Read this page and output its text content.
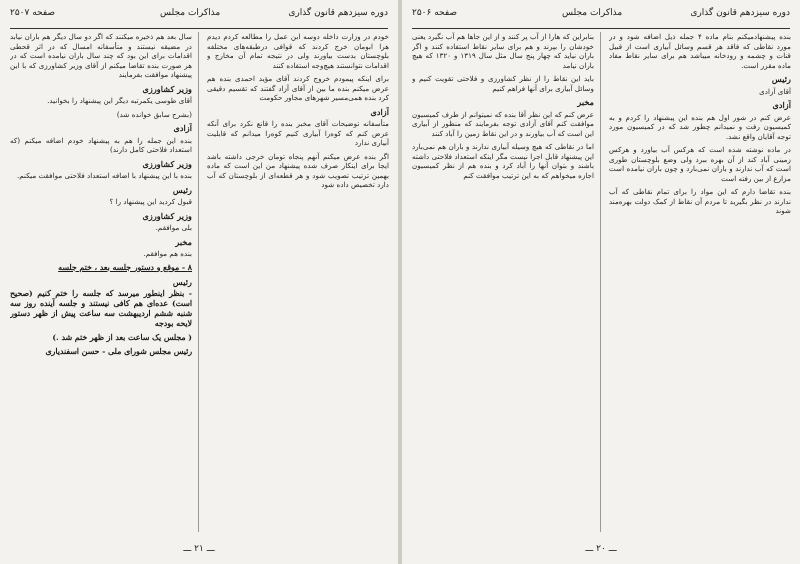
صفحه ۲۵۰۷	مذاکرات مجلس	دوره سیزدهم قانون گذاری

خودم در وزارت داخله دوسه ابن عمل را مطالعه کردم دیدم هرا ابومان خرج کردند که قوافی درطبقه‌های مختلفه بلوچستان بدست بیاورند ولی در نتیجه تمام آن مخارج و اقدامات نتوانستند هیچ‌وجه استفاده کنند

برای اینکه پیمودم خروج کردند آقای مؤید احمدی بنده هم عرض میکنم بنده ما بین از آقای آزاد گفتند که تقسیم دقیقی کرد بنده همی‌مسیر شهرهای مجاور حکومت

آزادی

متأسفانه توضیحات آقای مخبر بنده را قانع نکرد برای آنکه عرض کنم که کوه‌را آبیاری کنیم کوه‌را میدانم که قابلیت آبیاری ندارد

اگر بنده عرض میکنم آنهم پنجاه تومان خرجی داشته باشد ایجا برای اینکار صرف شده پیشنهاد من این است که ماده بهمین ترتیب تصویب شود و هر قطعه‌ای از بلوچستان که آب دارد تخصیص داده شود

سال بعد هم ذخیره میکنند که اگر دو سال دیگر هم باران نیابد در مضیقه نیستند و متأسفانه امسال که در اثر قحطی اقدامات برای این بود که چند سال باران نیامده است که در هر صورت بنده تقاضا میکنم از آقای وزیر کشاورزی که با این پیشنهاد موافقت بفرمایند

وزیر کشاورزی

آقای طوسی یکمرتبه دیگر این پیشنهاد را بخوانید.

(بشرح سابق خوانده شد)

آزادی

بنده این جمله را هم به پیشنهاد خودم اضافه میکنم (که استعداد فلاحتی کامل دارند)

وزیر کشاورزی

بنده با این پیشنهاد با اضافه استعداد فلاحتی موافقت میکنم.

رئیس

قبول کردید این پیشنهاد را ؟

وزیر کشاورزی

بلی موافقم.

مخبر

بنده هم موافقم.

۸ - موقع و دستور جلسه بعد ، ختم جلسه

رئیس

- بنظر اینطور میرسد که جلسه را ختم کنیم (صحیح است) عده‌ای هم کافی نیستند و جلسه آینده روز سه شنبه ششم اردیبهشت سه ساعت پیش از ظهر دستور لایحه بودجه

( مجلس یک ساعت بعد از ظهر ختم شد .)

رئیس مجلس شورای ملی - حسن اسفندیاری

ـــ ۲۱ ـــ
صفحه ۲۵۰۶	مذاکرات مجلس	دوره سیزدهم قانون گذاری

بنده پیشنهادمیکنم بنام ماده ۴ جمله ذیل اضافه شود و در مورد نقاطی که فاقد هر قسم وسائل آبیاری است از قبیل قنات و چشمه و رودخانه میباشد هم برای سایر نقاط مفاد ماده مقرر است.

رئیس

آقای آزادی

آزادی

عرض کنم در شور اول هم بنده این پیشنهاد را کردم و به کمیسیون رفت و نمیدانم چطور شد که در کمیسیون مورد توجه آقایان واقع نشد.

در ماده نوشته شده است که هرکس آب بیاورد و هرکس زمینی آباد کند از آن بهره ببرد ولی وضع بلوچستان طوری است که آب ندارند و باران نمی‌بارد و چون باران نیامده است مزارع از بین رفته است

بنده تقاضا دارم که این مواد را برای تمام نقاطی که آب ندارند در نظر بگیرید تا مردم آن نقاط از کمک دولت بهره‌مند شوند

بنابراین که هارا از آب پر کنند و از این جاها هم آب نگیرد یعنی خودشان را بپرند و هم برای سایر نقاط استفاده کنند و اگر باران نیاید که چهار پنج سال مثل سال ۱۳۱۹ و ۱۳۲۰ که هیچ باران نیامد

باید این نقاط را از نظر کشاورزی و فلاحتی تقویت کنیم و وسائل آبیاری برای آنها فراهم کنیم

مخبر

عرض کنم که این نظر آقا بنده که نمیتوانم از طرف کمیسیون موافقت کنم آقای آزادی توجه بفرمایند که منظور از آبیاری این است که آب بیاورند و در این نقاط زمین را آباد کنند

اما در نقاطی که هیچ وسیله آبیاری ندارند و باران هم نمی‌بارد این پیشنهاد قابل اجرا نیست مگر اینکه استعداد فلاحتی داشته باشند و بتوان آنها را آباد کرد و بنده هم از نظر کمیسیون اجازه میخواهم که به این ترتیب موافقت کنم

ـــ ۲۰ ـــ
